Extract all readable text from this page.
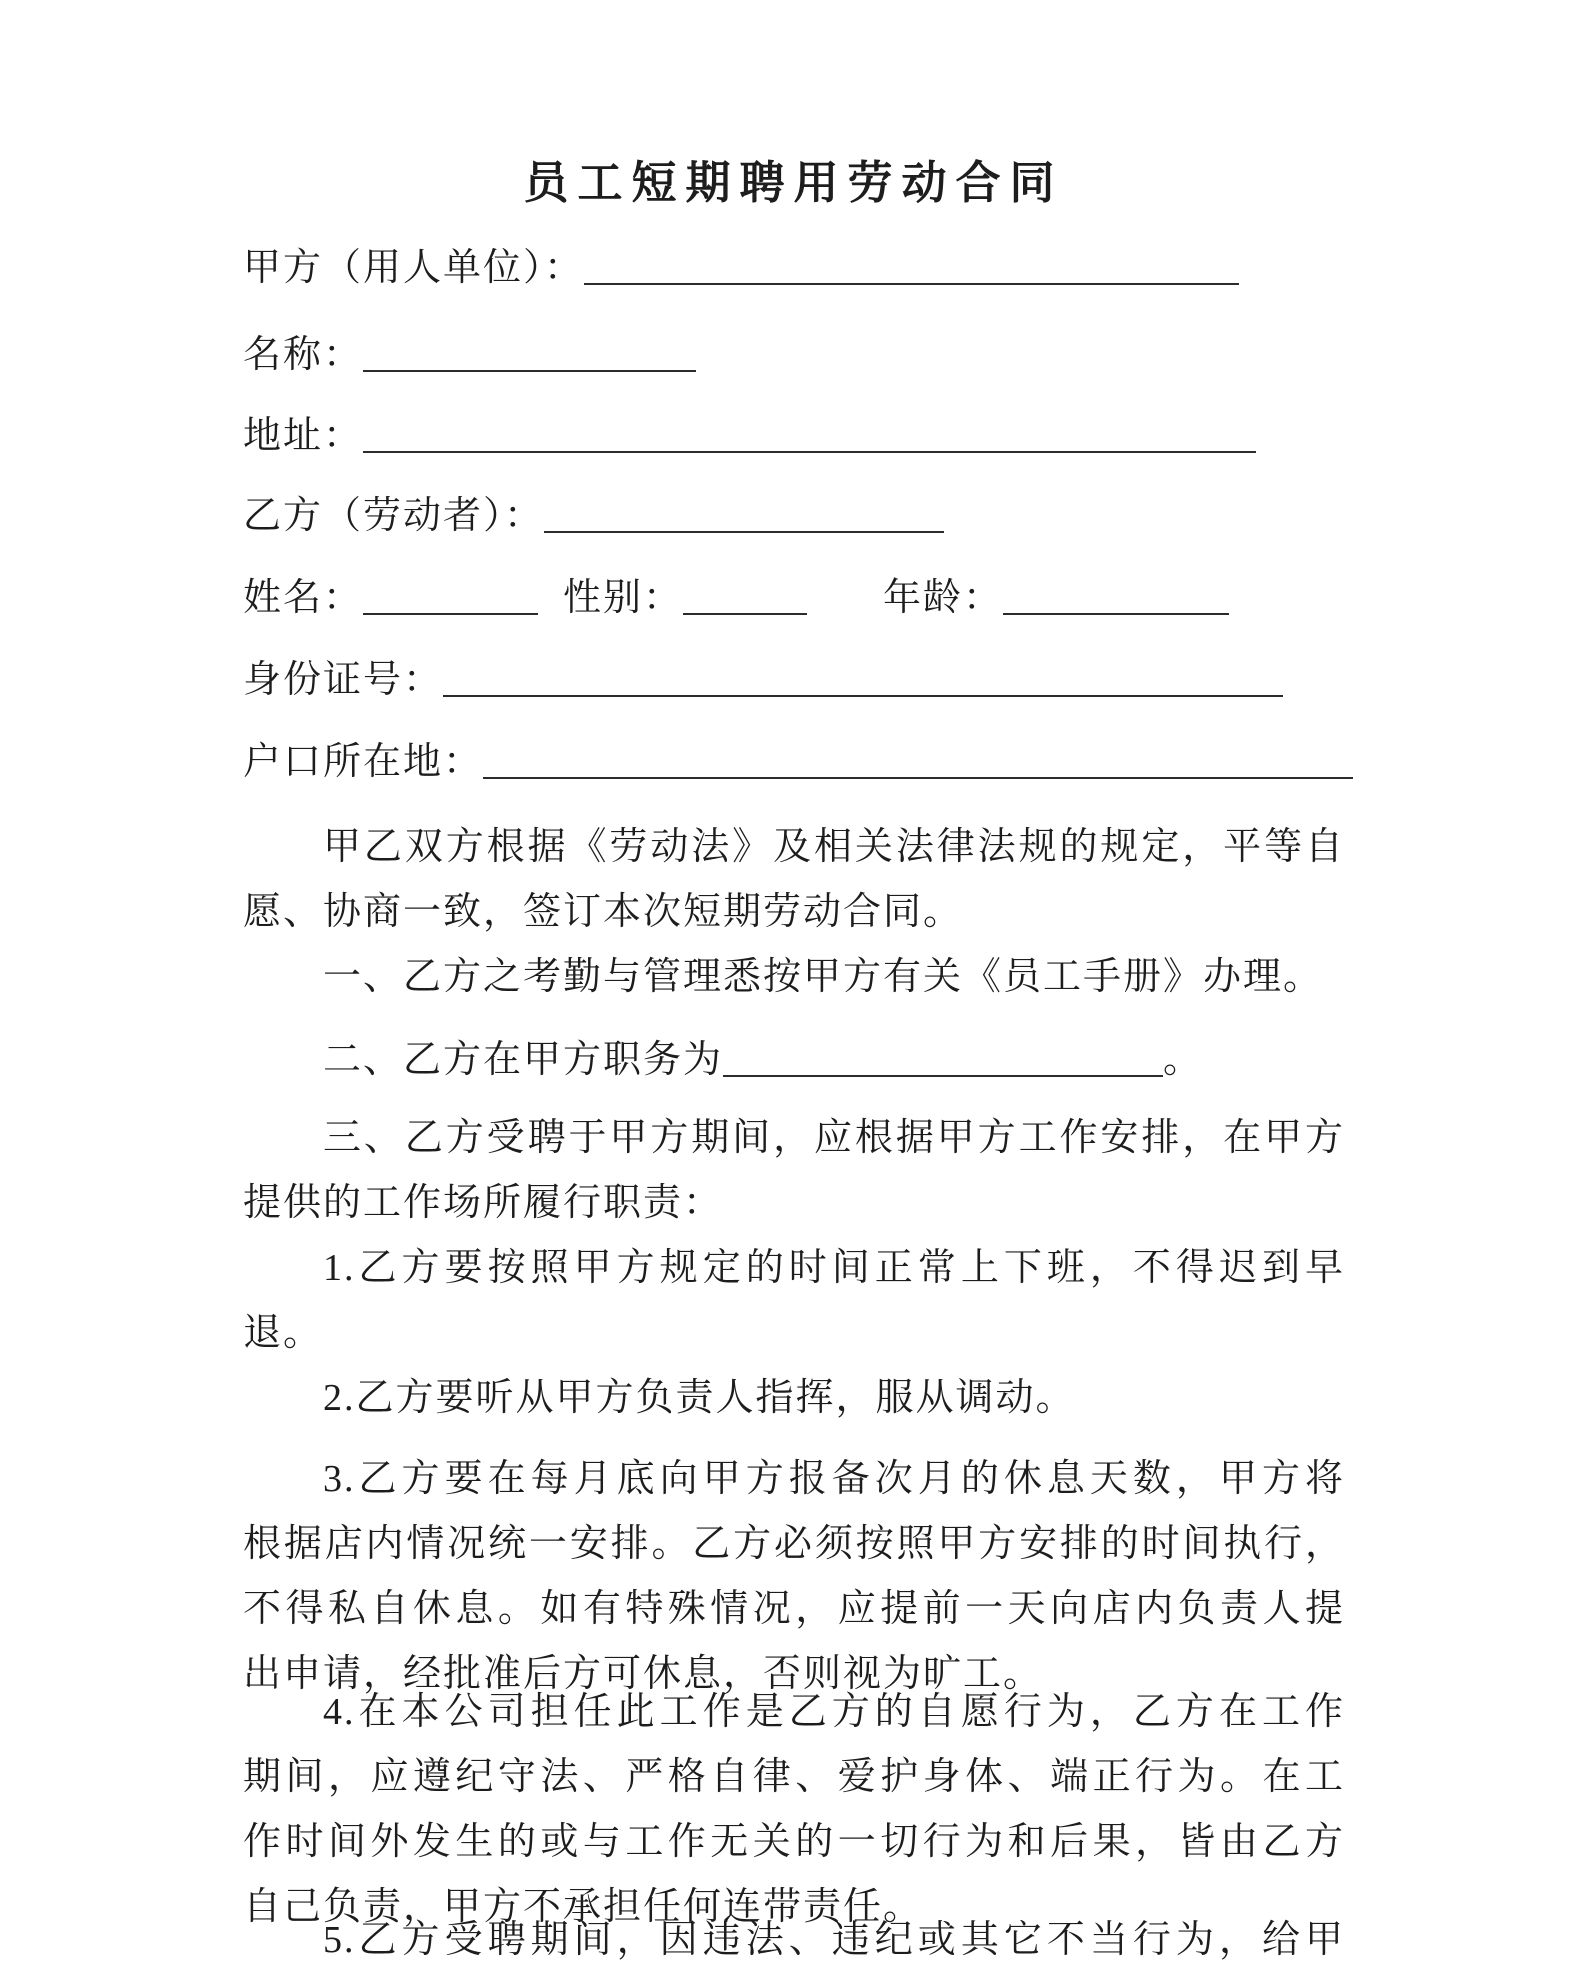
员工短期聘用劳动合同
甲方（用人单位）：
名称：
地址：
乙方（劳动者）：
姓名：	性别：	年龄：
身份证号：
户口所在地：
甲乙双方根据《劳动法》及相关法律法规的规定，平等自
愿、协商一致，签订本次短期劳动合同。
一、乙方之考勤与管理悉按甲方有关《员工手册》办理。
二、乙方在甲方职务为	。
三、乙方受聘于甲方期间，应根据甲方工作安排，在甲方
提供的工作场所履行职责：
1.乙方要按照甲方规定的时间正常上下班，不得迟到早
退。
2.乙方要听从甲方负责人指挥，服从调动。
3.乙方要在每月底向甲方报备次月的休息天数，甲方将
根据店内情况统一安排。乙方必须按照甲方安排的时间执行，
不得私自休息。如有特殊情况，应提前一天向店内负责人提
出申请，经批准后方可休息，否则视为旷工。
4.在本公司担任此工作是乙方的自愿行为，乙方在工作
期间，应遵纪守法、严格自律、爱护身体、端正行为。在工
作时间外发生的或与工作无关的一切行为和后果，皆由乙方
自己负责，甲方不承担任何连带责任。
5.乙方受聘期间，因违法、违纪或其它不当行为，给甲
